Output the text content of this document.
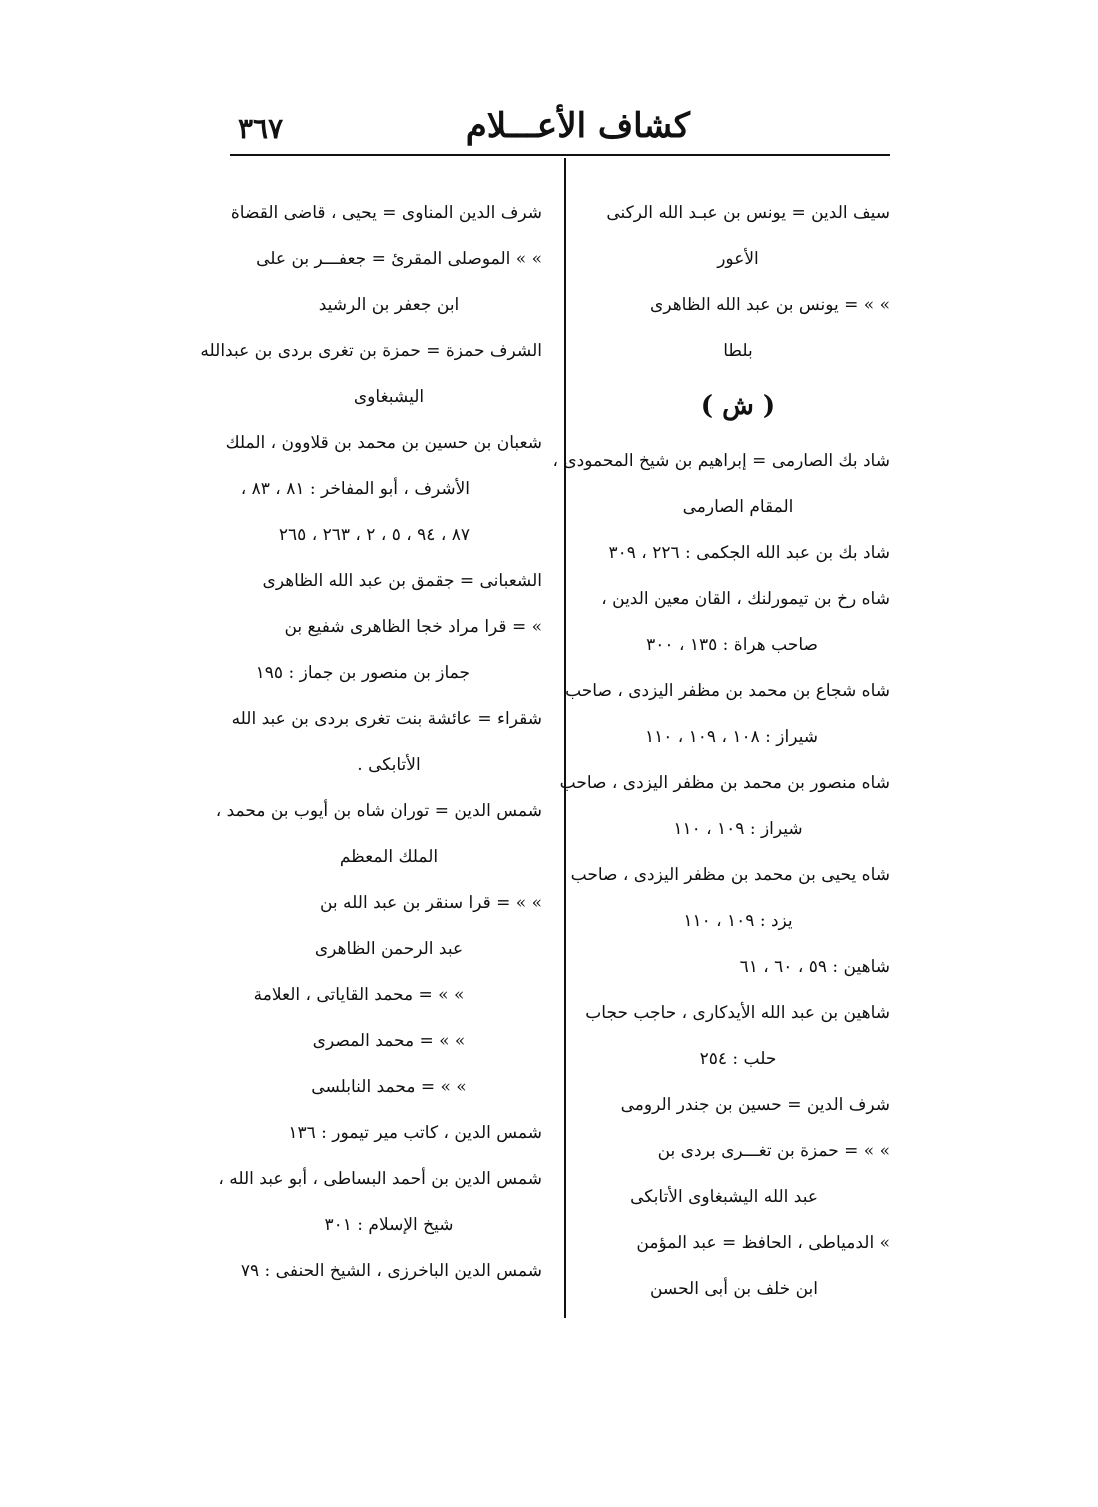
كشاف الأعـــلام
٣٦٧
سيف الدين = يونس بن عبـد الله الركنى
الأعور
» » = يونس بن عبد الله الظاهرى
بلطا
( ش )
شاد بك الصارمى = إبراهيم بن شيخ المحمودى ،
المقام الصارمى
شاد بك بن عبد الله الجكمى : ٢٢٦ ، ٣٠٩
شاه رخ بن تيمورلنك ، القان معين الدين ،
صاحب هراة : ١٣٥ ، ٣٠٠
شاه شجاع بن محمد بن مظفر اليزدى ، صاحب
شيراز : ١٠٨ ، ١٠٩ ، ١١٠
شاه منصور بن محمد بن مظفر اليزدى ، صاحب
شيراز : ١٠٩ ، ١١٠
شاه يحيى بن محمد بن مظفر اليزدى ، صاحب
يزد : ١٠٩ ، ١١٠
شاهين : ٥٩ ، ٦٠ ، ٦١
شاهين بن عبد الله الأيدكارى ، حاجب حجاب
حلب : ٢٥٤
شرف الدين = حسين بن جندر الرومى
» » = حمزة بن تغـــرى بردى بن
عبد الله اليشبغاوى الأتابكى
» الدمياطى ، الحافظ = عبد المؤمن
ابن خلف بن أبى الحسن
شرف الدين المناوى = يحيى ، قاضى القضاة
» » الموصلى المقرئ = جعفـــر بن على
ابن جعفر بن الرشيد
الشرف حمزة = حمزة بن تغرى بردى بن عبدالله
اليشبغاوى
شعبان بن حسين بن محمد بن قلاوون ، الملك
الأشرف ، أبو المفاخر : ٨١ ، ٨٣ ،
٨٧ ، ٩٤ ، ٥ ، ٢ ، ٢٦٣ ، ٢٦٥
الشعبانى = جقمق بن عبد الله الظاهرى
» = قرا مراد خجا الظاهرى شفيع بن
جماز بن منصور بن جماز : ١٩٥
شقراء = عائشة بنت تغرى بردى بن عبد الله
الأتابكى .
شمس الدين = توران شاه بن أيوب بن محمد ،
الملك المعظم
» » = قرا سنقر بن عبد الله بن
عبد الرحمن الظاهرى
» » = محمد القاياتى ، العلامة
» » = محمد المصرى
» » = محمد النابلسى
شمس الدين ، كاتب مير تيمور : ١٣٦
شمس الدين بن أحمد البساطى ، أبو عبد الله ،
شيخ الإسلام : ٣٠١
شمس الدين الباخرزى ، الشيخ الحنفى : ٧٩
